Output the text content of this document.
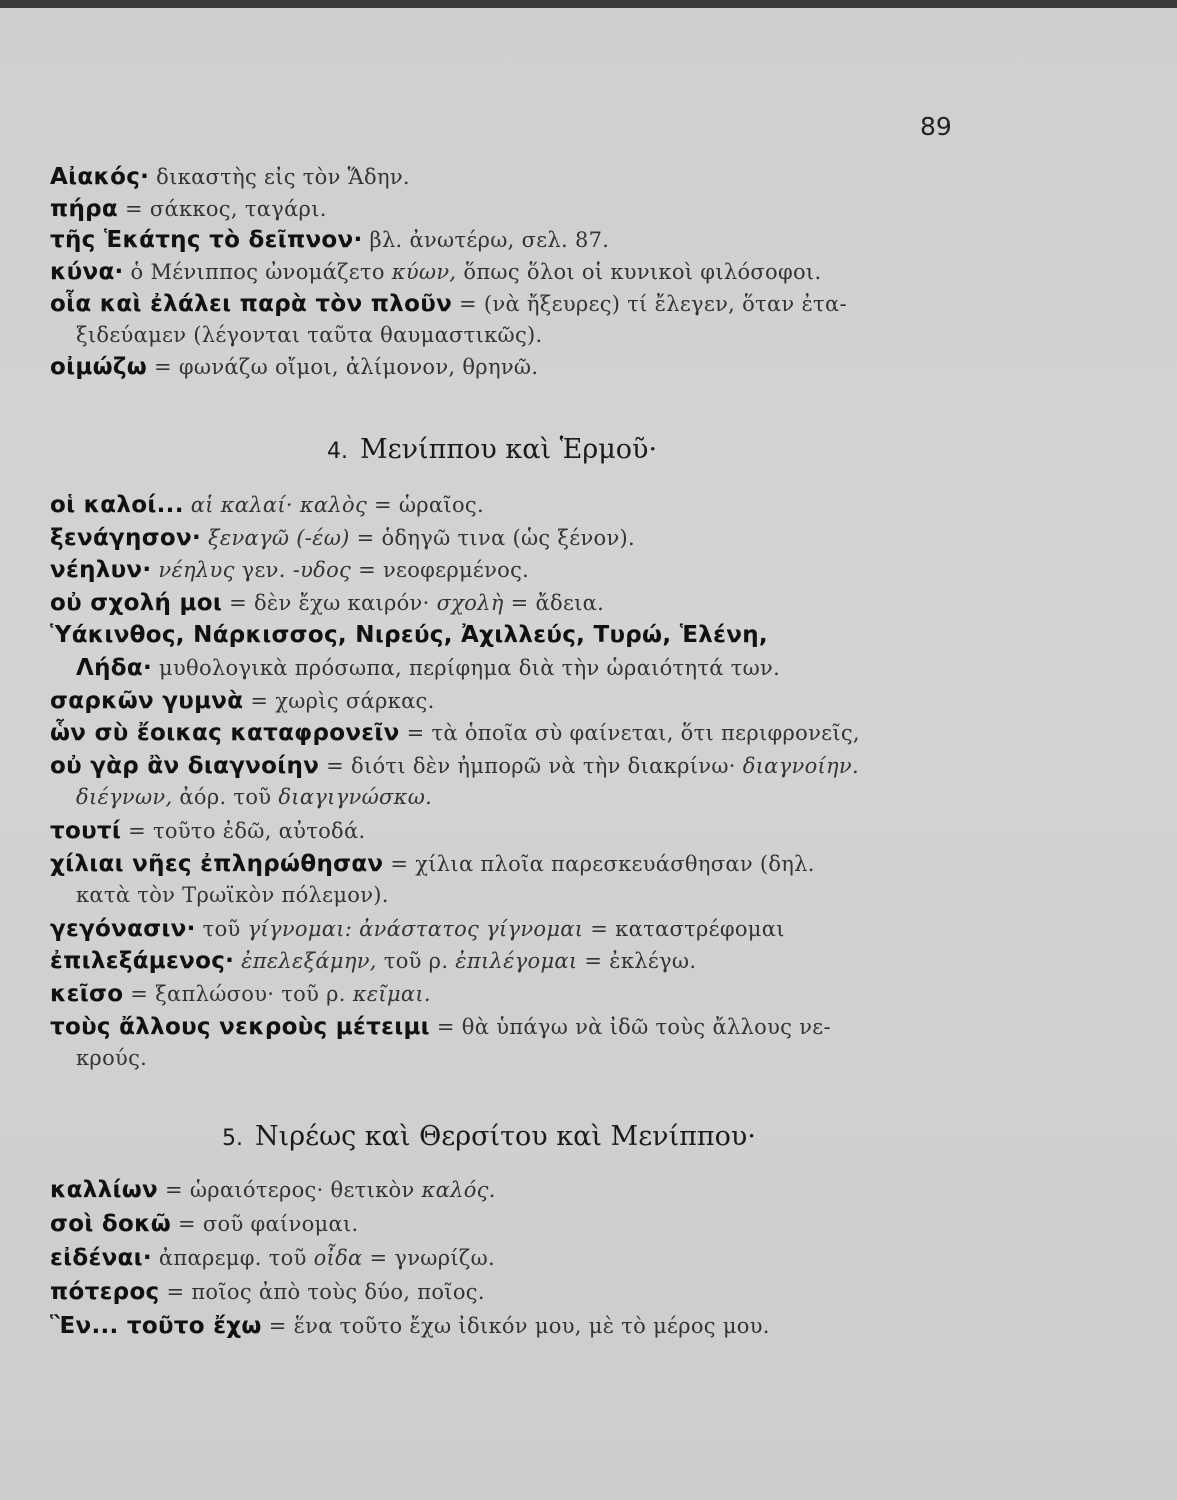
89
Αἰακός· δικαστὴς εἰς τὸν Ἅδην.
πήρα = σάκκος, ταγάρι.
τῆς Ἑκάτης τὸ δεῖπνον· βλ. ἀνωτέρω, σελ. 87.
κύνα· ὁ Μένιππος ὠνομάζετο κύων, ὅπως ὅλοι οἱ κυνικοὶ φιλόσοφοι.
οἷα καὶ ἐλάλει παρὰ τὸν πλοῦν = (νὰ ἤξευρες) τί ἔλεγεν, ὅταν ἐτα-
ξιδεύαμεν (λέγονται ταῦτα θαυμαστικῶς).
οἰμώζω = φωνάζω οἴμοι, ἀλίμονον, θρηνῶ.
4. Μενίππου καὶ Ἑρμοῦ·
οἱ καλοί... αἱ καλαί· καλὸς = ὡραῖος.
ξενάγησον· ξεναγῶ (-έω) = ὁδηγῶ τινα (ὡς ξένον).
νέηλυν· νέηλυς γεν. -υδος = νεοφερμένος.
οὐ σχολή μοι = δὲν ἔχω καιρόν· σχολὴ = ἄδεια.
Ὑάκινθος, Νάρκισσος, Νιρεύς, Ἀχιλλεύς, Τυρώ, Ἑλένη,
Λήδα· μυθολογικὰ πρόσωπα, περίφημα διὰ τὴν ὡραιότητά των.
σαρκῶν γυμνὰ = χωρὶς σάρκας.
ὧν σὺ ἔοικας καταφρονεῖν = τὰ ὁποῖα σὺ φαίνεται, ὅτι περιφρονεῖς,
οὐ γὰρ ἂν διαγνοίην = διότι δὲν ἠμπορῶ νὰ τὴν διακρίνω· διαγνοίην.
διέγνων, ἀόρ. τοῦ διαγιγνώσκω.
τουτί = τοῦτο ἐδῶ, αὐτοδά.
χίλιαι νῆες ἐπληρώθησαν = χίλια πλοῖα παρεσκευάσθησαν (δηλ.
κατὰ τὸν Τρωϊκὸν πόλεμον).
γεγόνασιν· τοῦ γίγνομαι: ἀνάστατος γίγνομαι = καταστρέφομαι
ἐπιλεξάμενος· ἐπελεξάμην, τοῦ ρ. ἐπιλέγομαι = ἐκλέγω.
κεῖσο = ξαπλώσου· τοῦ ρ. κεῖμαι.
τοὺς ἄλλους νεκροὺς μέτειμι = θὰ ὑπάγω νὰ ἰδῶ τοὺς ἄλλους νε-
κρούς.
5. Νιρέως καὶ Θερσίτου καὶ Μενίππου·
καλλίων = ὡραιότερος· θετικὸν καλός.
σοὶ δοκῶ = σοῦ φαίνομαι.
εἰδέναι· ἀπαρεμφ. τοῦ οἶδα = γνωρίζω.
πότερος = ποῖος ἀπὸ τοὺς δύο, ποῖος.
Ἓν... τοῦτο ἔχω = ἕνα τοῦτο ἔχω ἰδικόν μου, μὲ τὸ μέρος μου.
